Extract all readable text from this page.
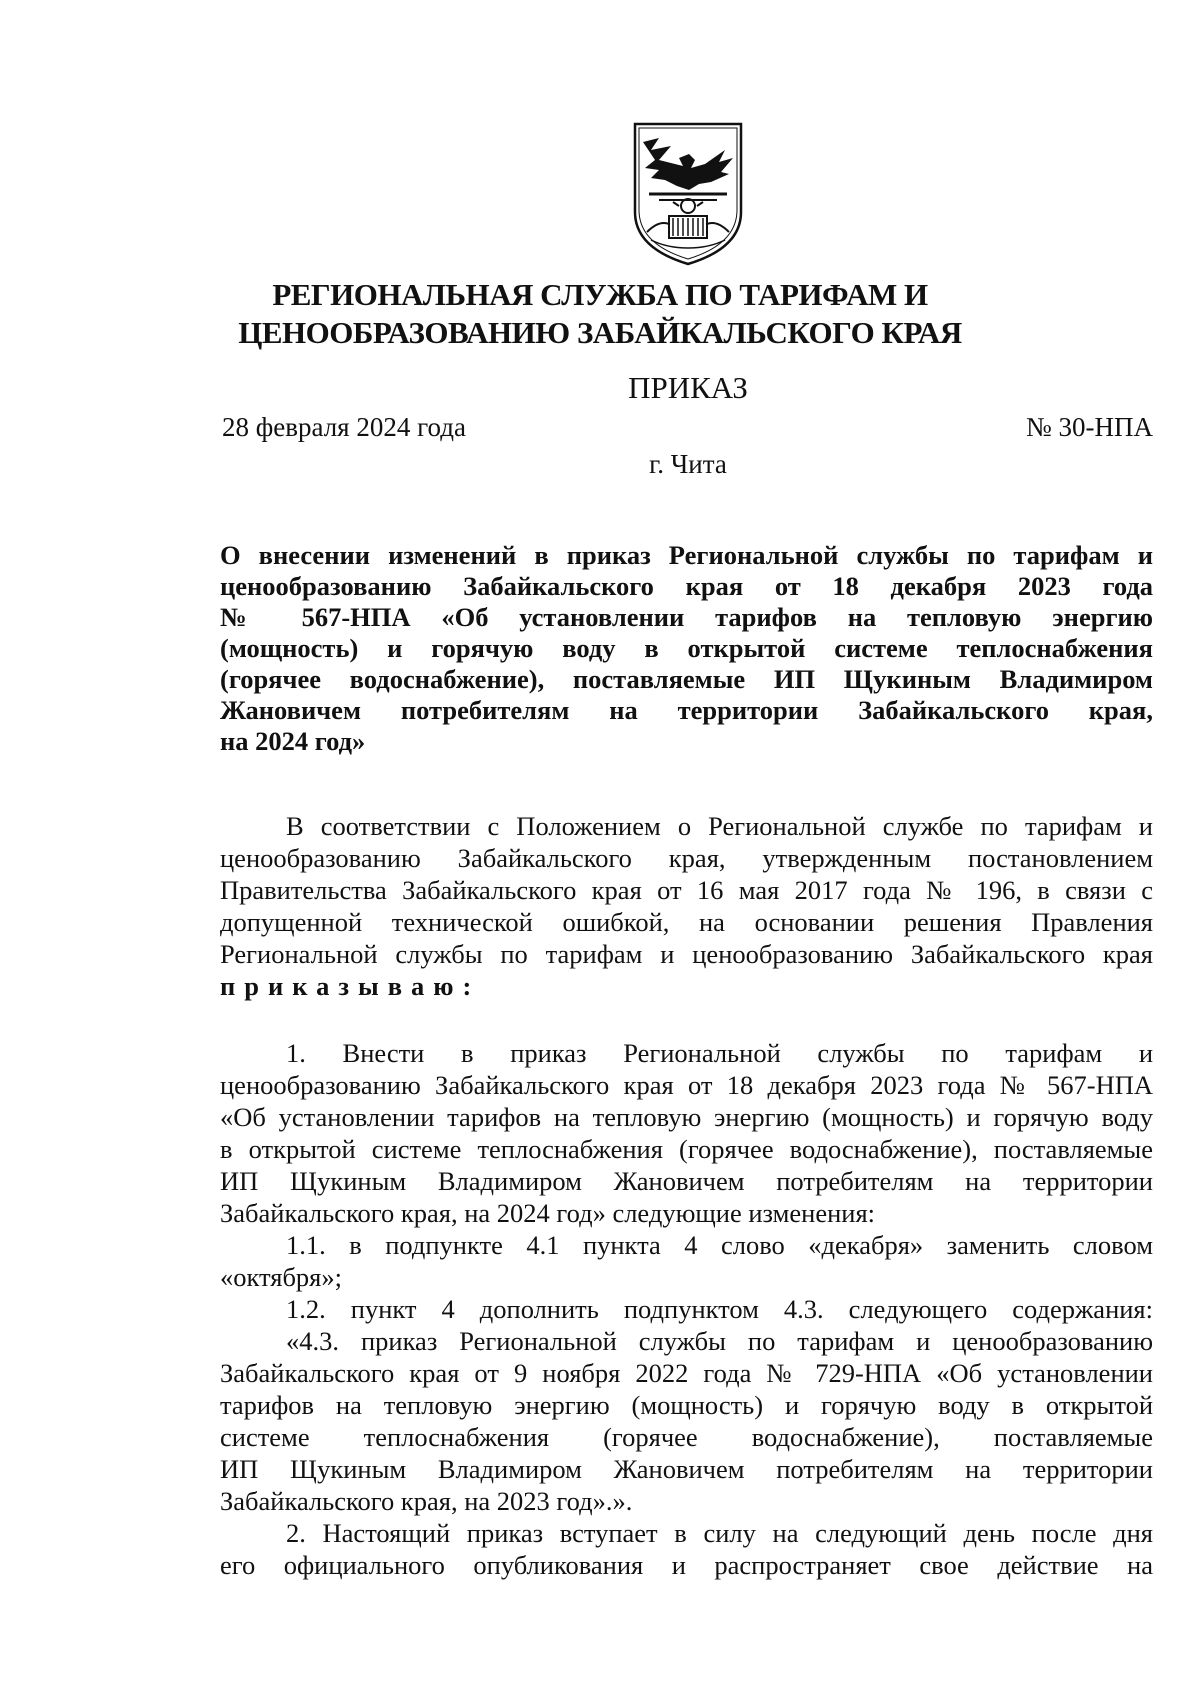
РЕГИОНАЛЬНАЯ СЛУЖБА ПО ТАРИФАМ И
ЦЕНООБРАЗОВАНИЮ ЗАБАЙКАЛЬСКОГО КРАЯ
ПРИКАЗ
28 февраля 2024 года	№ 30-НПА
г. Чита
О внесении изменений в приказ Региональной службы по тарифам и
ценообразованию Забайкальского края от 18 декабря 2023 года
№ 567-НПА «Об установлении тарифов на тепловую энергию
(мощность) и горячую воду в открытой системе теплоснабжения
(горячее водоснабжение), поставляемые ИП Щукиным Владимиром
Жановичем потребителям на территории Забайкальского края,
на 2024 год»
В соответствии с Положением о Региональной службе по тарифам и
ценообразованию Забайкальского края, утвержденным постановлением
Правительства Забайкальского края от 16 мая 2017 года № 196, в связи с
допущенной технической ошибкой, на основании решения Правления
Региональной службы по тарифам и ценообразованию Забайкальского края
приказываю:
1. Внести в приказ Региональной службы по тарифам и
ценообразованию Забайкальского края от 18 декабря 2023 года № 567-НПА
«Об установлении тарифов на тепловую энергию (мощность) и горячую воду
в открытой системе теплоснабжения (горячее водоснабжение), поставляемые
ИП Щукиным Владимиром Жановичем потребителям на территории
Забайкальского края, на 2024 год» следующие изменения:
1.1. в подпункте 4.1 пункта 4 слово «декабря» заменить словом
«октября»;
1.2. пункт 4 дополнить подпунктом 4.3. следующего содержания:
«4.3. приказ Региональной службы по тарифам и ценообразованию
Забайкальского края от 9 ноября 2022 года № 729-НПА «Об установлении
тарифов на тепловую энергию (мощность) и горячую воду в открытой
системе теплоснабжения (горячее водоснабжение), поставляемые
ИП Щукиным Владимиром Жановичем потребителям на территории
Забайкальского края, на 2023 год».».
2. Настоящий приказ вступает в силу на следующий день после дня
его официального опубликования и распространяет свое действие на
